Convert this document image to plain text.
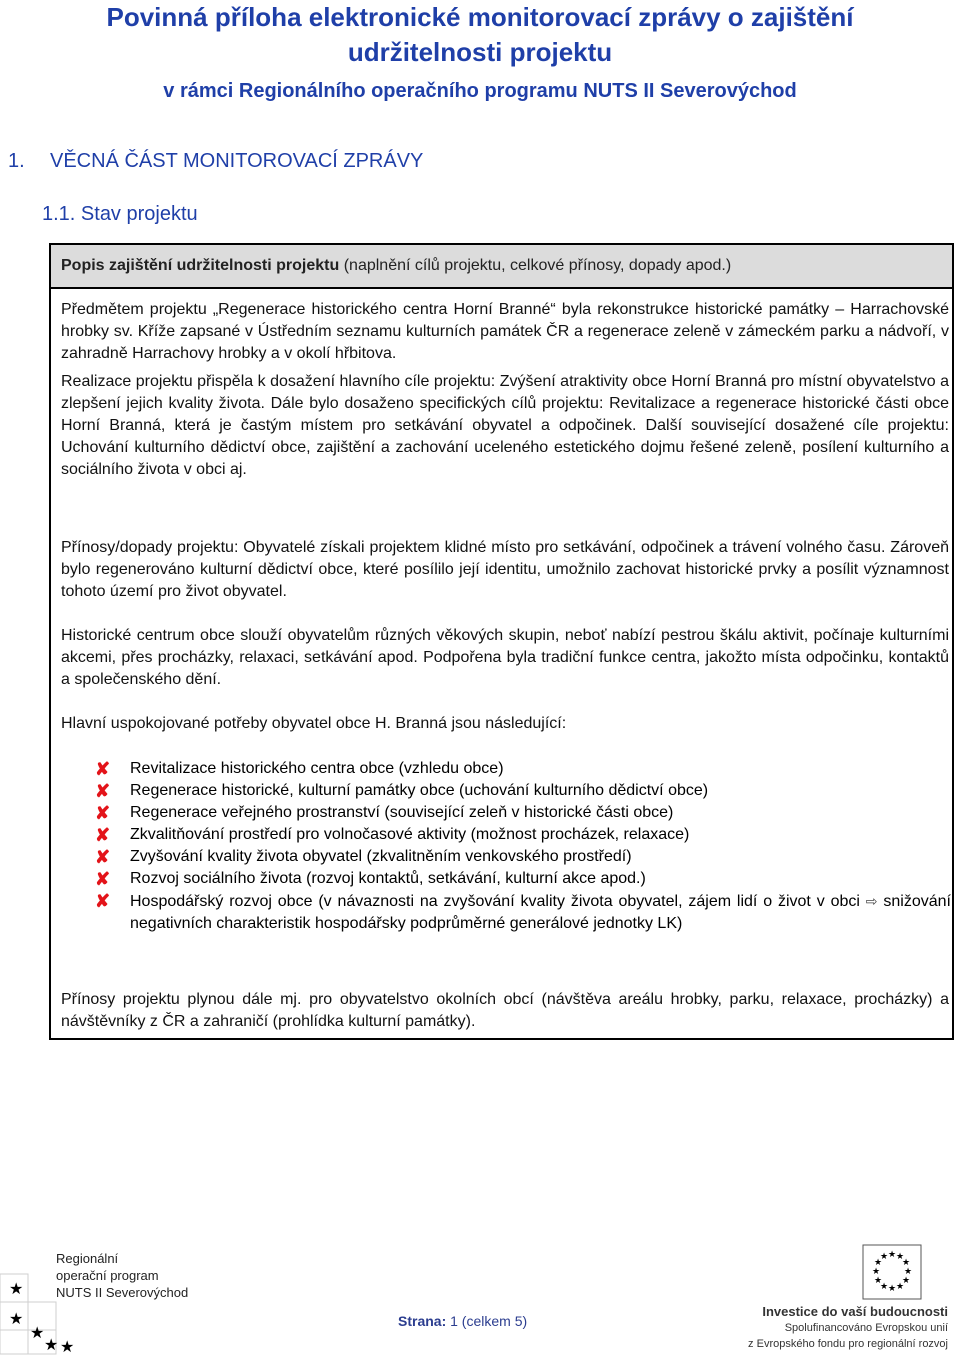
Povinná příloha elektronické monitorovací zprávy o zajištění
udržitelnosti projektu
v rámci Regionálního operačního programu NUTS II Severovýchod
1. VĚCNÁ ČÁST MONITOROVACÍ ZPRÁVY
1.1. Stav projektu
Popis zajištění udržitelnosti projektu (naplnění cílů projektu, celkové přínosy, dopady apod.)
Předmětem projektu „Regenerace historického centra Horní Branné“ byla rekonstrukce historické památky – Harrachovské hrobky sv. Kříže zapsané v Ústředním seznamu kulturních památek ČR a regenerace zeleně v zámeckém parku a nádvoří, v zahradně Harrachovy hrobky a v okolí hřbitova.
Realizace projektu přispěla k dosažení hlavního cíle projektu: Zvýšení atraktivity obce Horní Branná pro místní obyvatelstvo a zlepšení jejich kvality života. Dále bylo dosaženo specifických cílů projektu: Revitalizace a regenerace historické části obce Horní Branná, která je častým místem pro setkávání obyvatel a odpočinek. Další související dosažené cíle projektu: Uchování kulturního dědictví obce, zajištění a zachování uceleného estetického dojmu řešené zeleně, posílení kulturního a sociálního života v obci aj.
Přínosy/dopady projektu: Obyvatelé získali projektem klidné místo pro setkávání, odpočinek a trávení volného času. Zároveň bylo regenerováno kulturní dědictví obce, které posílilo její identitu, umožnilo zachovat historické prvky a posílit významnost tohoto území pro život obyvatel.
Historické centrum obce slouží obyvatelům různých věkových skupin, neboť nabízí pestrou škálu aktivit, počínaje kulturními akcemi, přes procházky, relaxaci, setkávání apod. Podpořena byla tradiční funkce centra, jakožto místa odpočinku, kontaktů a společenského dění.
Hlavní uspokojované potřeby obyvatel obce H. Branná jsou následující:
✘ Revitalizace historického centra obce (vzhledu obce)
✘ Regenerace historické, kulturní památky obce (uchování kulturního dědictví obce)
✘ Regenerace veřejného prostranství (související zeleň v historické části obce)
✘ Zkvalitňování prostředí pro volnočasové aktivity (možnost procházek, relaxace)
✘ Zvyšování kvality života obyvatel (zkvalitněním venkovského prostředí)
✘ Rozvoj sociálního života (rozvoj kontaktů, setkávání, kulturní akce apod.)
✘ Hospodářský rozvoj obce (v návaznosti na zvyšování kvality života obyvatel, zájem lidí o život v obci ⇨ snižování negativních charakteristik hospodářsky podprůměrné generálové jednotky LK)
Přínosy projektu plynou dále mj. pro obyvatelstvo okolních obcí (návštěva areálu hrobky, parku, relaxace, procházky) a návštěvníky z ČR a zahraničí (prohlídka kulturní památky).
★
★
★
★
★
Regionální
operační program
NUTS II Severovýchod
Strana: 1 (celkem 5)
★ ★
★
★
★
★
★
★
★
★
★
★
Investice do vaší budoucnosti
Spolufinancováno Evropskou unií
z Evropského fondu pro regionální rozvoj
